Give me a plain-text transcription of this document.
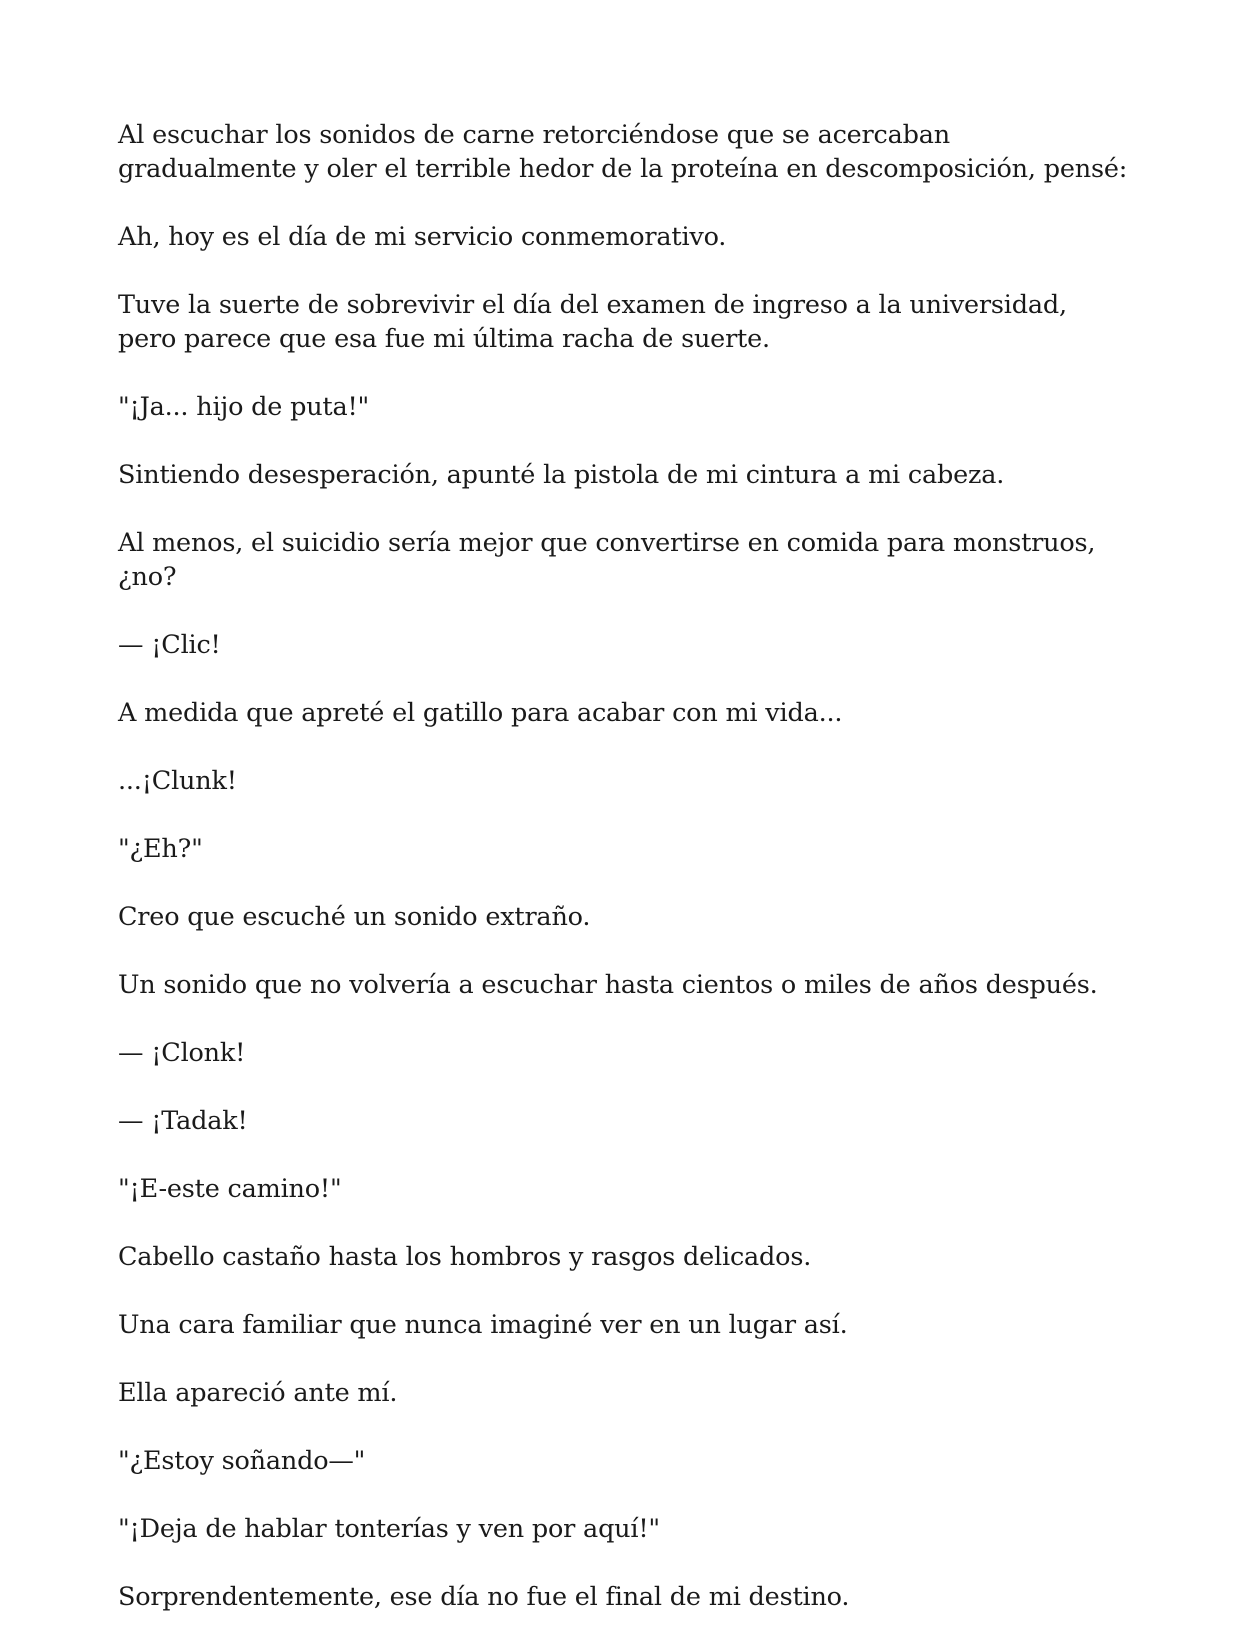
Al escuchar los sonidos de carne retorciéndose que se acercaban gradualmente y oler el terrible hedor de la proteína en descomposición, pensé:

Ah, hoy es el día de mi servicio conmemorativo.

Tuve la suerte de sobrevivir el día del examen de ingreso a la universidad, pero parece que esa fue mi última racha de suerte.

"¡Ja... hijo de puta!"

Sintiendo desesperación, apunté la pistola de mi cintura a mi cabeza.

Al menos, el suicidio sería mejor que convertirse en comida para monstruos, ¿no?

— ¡Clic!

A medida que apreté el gatillo para acabar con mi vida...

...¡Clunk!

"¿Eh?"

Creo que escuché un sonido extraño.

Un sonido que no volvería a escuchar hasta cientos o miles de años después.

— ¡Clonk!

— ¡Tadak!

"¡E-este camino!"

Cabello castaño hasta los hombros y rasgos delicados.

Una cara familiar que nunca imaginé ver en un lugar así.

Ella apareció ante mí.

"¿Estoy soñando—"

"¡Deja de hablar tonterías y ven por aquí!"

Sorprendentemente, ese día no fue el final de mi destino.
